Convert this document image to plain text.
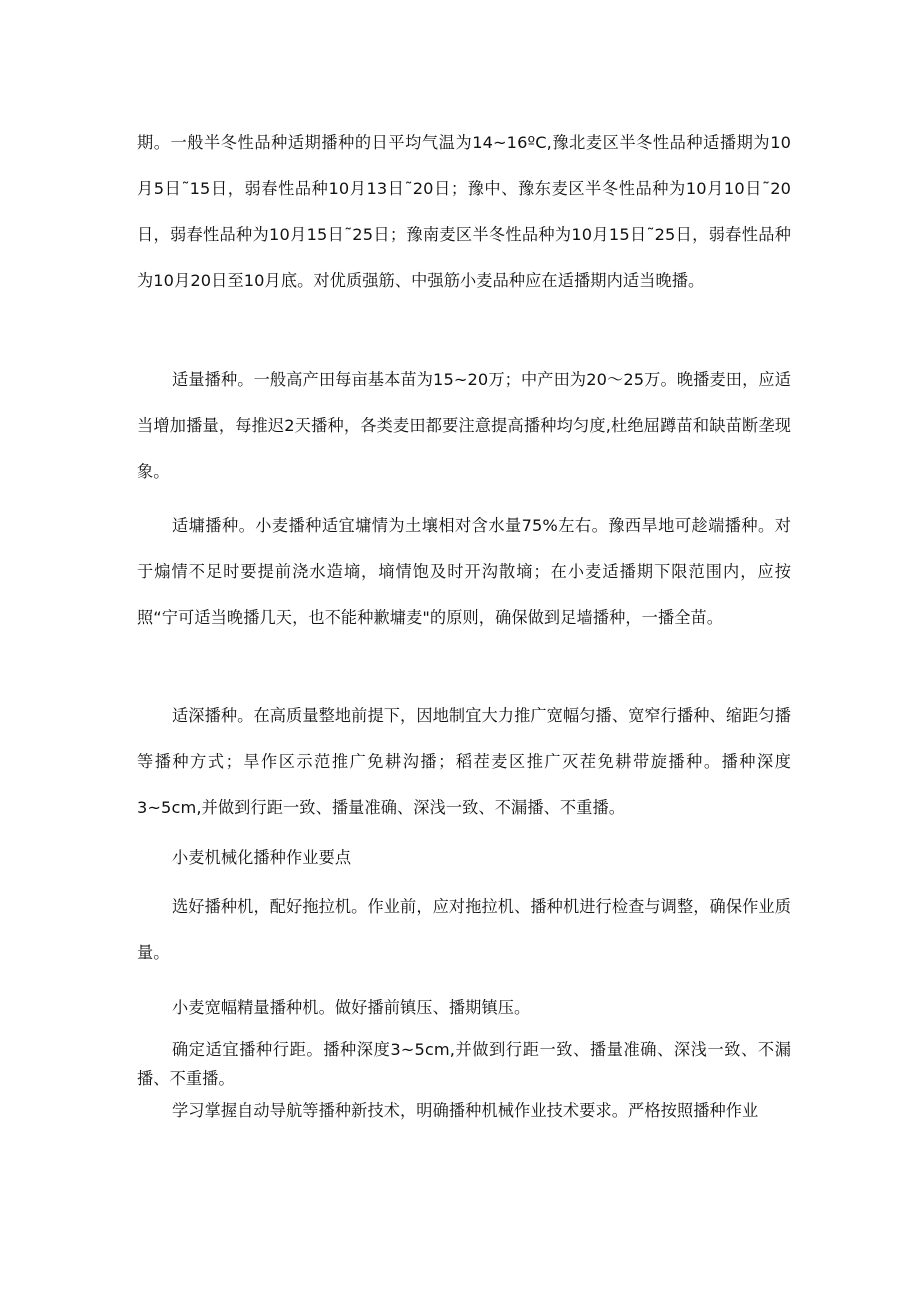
期。一般半冬性品种适期播种的日平均气温为14~16ºC,豫北麦区半冬性品种适播期为10月5日˜15日，弱春性品种10月13日˜20日；豫中、豫东麦区半冬性品种为10月10日˜20日，弱春性品种为10月15日˜25日；豫南麦区半冬性品种为10月15日˜25日，弱春性品种为10月20日至10月底。对优质强筋、中强筋小麦品种应在适播期内适当晚播。

适量播种。一般高产田每亩基本苗为15~20万；中产田为20～25万。晚播麦田，应适当增加播量，每推迟2天播种，各类麦田都要注意提高播种均匀度,杜绝屈蹲苗和缺苗断垄现象。

适墉播种。小麦播种适宜墉情为土壤相对含水量75%左右。豫西旱地可趁端播种。对于煽情不足时要提前浇水造墒，墒情饱及时开沟散墒；在小麦适播期下限范围内，应按照“宁可适当晚播几天，也不能种歉墉麦"的原则，确保做到足墙播种，一播全苗。

适深播种。在高质量整地前提下，因地制宜大力推广宽幅匀播、宽窄行播种、缩距匀播等播种方式；旱作区示范推广免耕沟播；稻茬麦区推广灭茬免耕带旋播种。播种深度3~5cm,并做到行距一致、播量准确、深浅一致、不漏播、不重播。

小麦机械化播种作业要点

选好播种机，配好拖拉机。作业前，应对拖拉机、播种机进行检查与调整，确保作业质量。

小麦宽幅精量播种机。做好播前镇压、播期镇压。

确定适宜播种行距。播种深度3~5cm,并做到行距一致、播量准确、深浅一致、不漏播、不重播。

学习掌握自动导航等播种新技术，明确播种机械作业技术要求。严格按照播种作业
